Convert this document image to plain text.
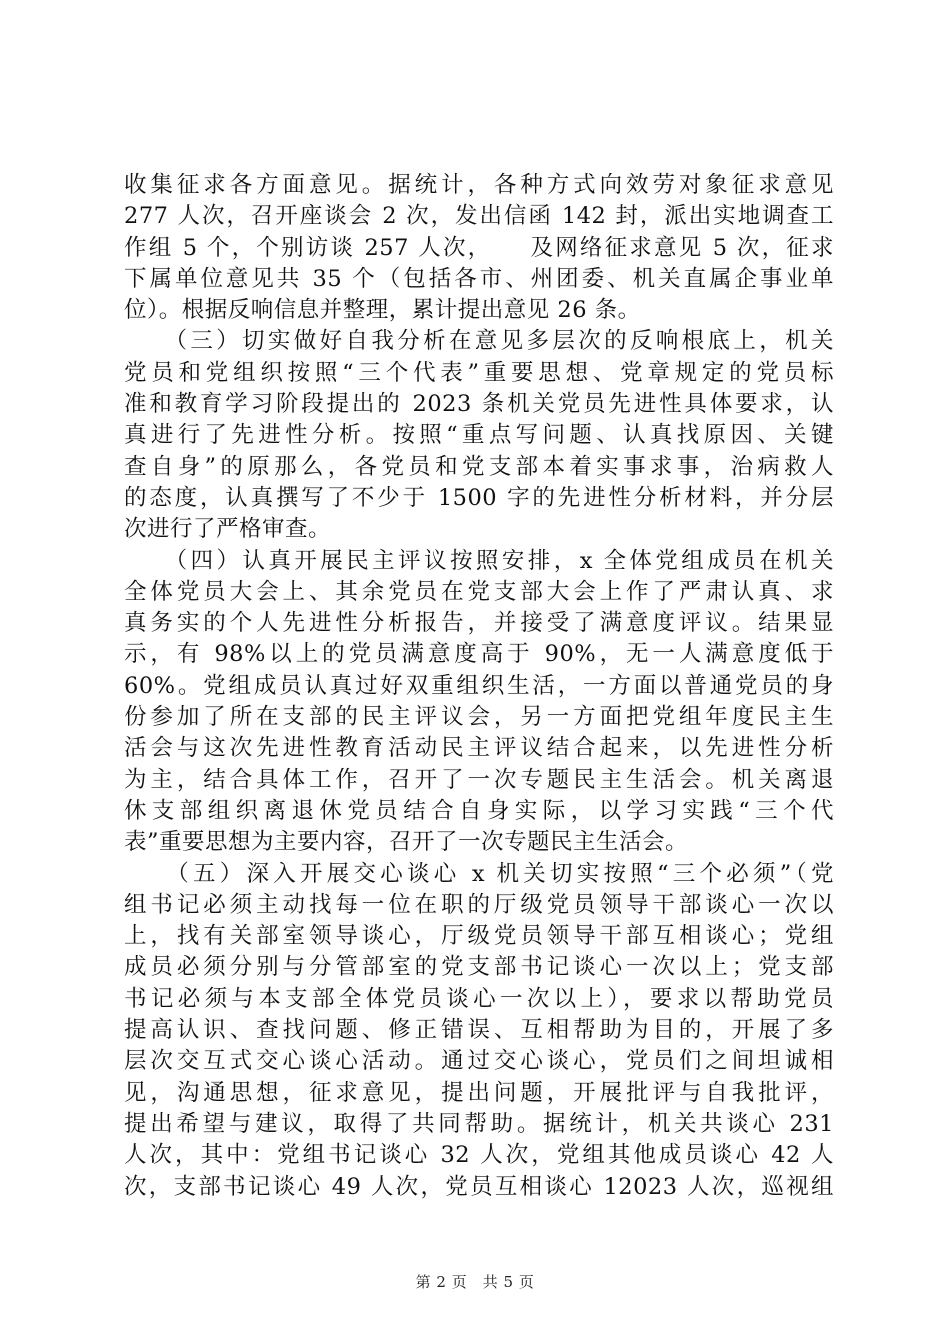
收集征求各方面意见。据统计，各种方式向效劳对象征求意见
277 人次，召开座谈会 2 次，发出信函 142 封，派出实地调查工
作组 5 个，个别访谈 257 人次，　　及网络征求意见 5 次，征求
下属单位意见共 35 个（包括各市、州团委、机关直属企事业单
位）。根据反响信息并整理，累计提出意见 26 条。
　　（三）切实做好自我分析在意见多层次的反响根底上，机关
党员和党组织按照“三个代表”重要思想、党章规定的党员标
准和教育学习阶段提出的 2023 条机关党员先进性具体要求，认
真进行了先进性分析。按照“重点写问题、认真找原因、关键
查自身”的原那么，各党员和党支部本着实事求事，治病救人
的态度，认真撰写了不少于 1500 字的先进性分析材料，并分层
次进行了严格审查。
　　（四）认真开展民主评议按照安排，x 全体党组成员在机关
全体党员大会上、其余党员在党支部大会上作了严肃认真、求
真务实的个人先进性分析报告，并接受了满意度评议。结果显
示，有 98%以上的党员满意度高于 90%，无一人满意度低于
60%。党组成员认真过好双重组织生活，一方面以普通党员的身
份参加了所在支部的民主评议会，另一方面把党组年度民主生
活会与这次先进性教育活动民主评议结合起来，以先进性分析
为主，结合具体工作，召开了一次专题民主生活会。机关离退
休支部组织离退休党员结合自身实际，以学习实践“三个代
表”重要思想为主要内容，召开了一次专题民主生活会。
　　（五）深入开展交心谈心 x 机关切实按照“三个必须”（党
组书记必须主动找每一位在职的厅级党员领导干部谈心一次以
上，找有关部室领导谈心，厅级党员领导干部互相谈心；党组
成员必须分别与分管部室的党支部书记谈心一次以上；党支部
书记必须与本支部全体党员谈心一次以上），要求以帮助党员
提高认识、查找问题、修正错误、互相帮助为目的，开展了多
层次交互式交心谈心活动。通过交心谈心，党员们之间坦诚相
见，沟通思想，征求意见，提出问题，开展批评与自我批评，
提出希望与建议，取得了共同帮助。据统计，机关共谈心 231
人次，其中：党组书记谈心 32 人次，党组其他成员谈心 42 人
次，支部书记谈心 49 人次，党员互相谈心 12023 人次，巡视组
第 2 页　共 5 页
